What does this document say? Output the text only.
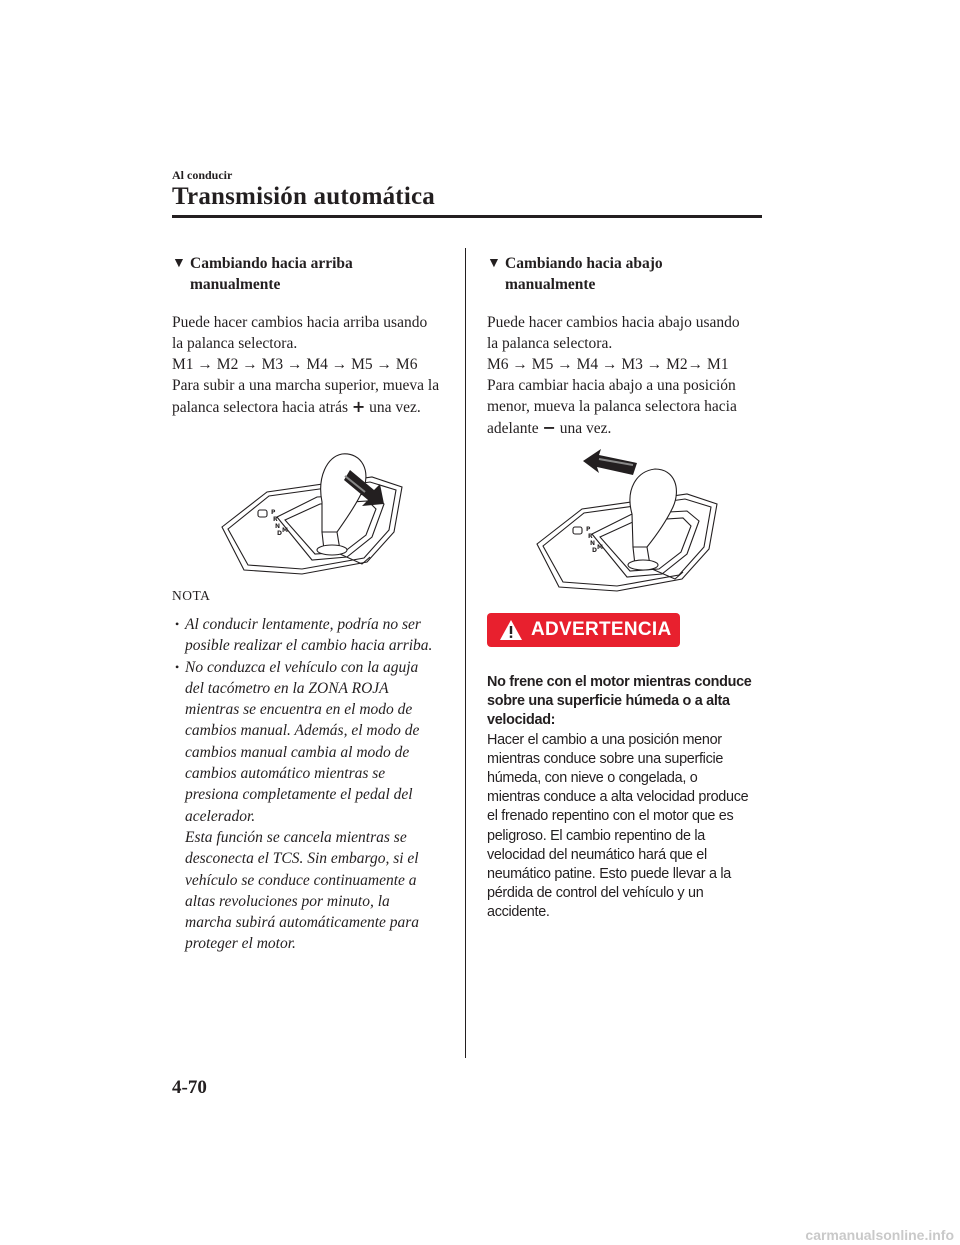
Al conducir
Transmisión automática
▼ Cambiando hacia arriba
manualmente

Puede hacer cambios hacia arriba usando

la palanca selectora.

M1 → M2 → M3 → M4 → M5 → M6

Para subir a una marcha superior, mueva la

palanca selectora hacia atrás + una vez.

P
R
N
D M
NOTA
• Al conducir lentamente, podría no ser
posible realizar el cambio hacia arriba.
• No conduzca el vehículo con la aguja
del tacómetro en la ZONA ROJA
mientras se encuentra en el modo de
cambios manual. Además, el modo de
cambios manual cambia al modo de
cambios automático mientras se
presiona completamente el pedal del
acelerador.
Esta función se cancela mientras se
desconecta el TCS. Sin embargo, si el
vehículo se conduce continuamente a
altas revoluciones por minuto, la
marcha subirá automáticamente para
proteger el motor.
▼ Cambiando hacia abajo
manualmente

Puede hacer cambios hacia abajo usando

la palanca selectora.

M6 → M5 → M4 → M3 → M2→ M1

Para cambiar hacia abajo a una posición

menor, mueva la palanca selectora hacia

adelante − una vez.

P
R
N
D M
ADVERTENCIA
No frene con el motor mientras conduce
sobre una superficie húmeda o a alta
velocidad:
Hacer el cambio a una posición menor
mientras conduce sobre una superficie
húmeda, con nieve o congelada, o
mientras conduce a alta velocidad produce
el frenado repentino con el motor que es
peligroso. El cambio repentino de la
velocidad del neumático hará que el
neumático patine. Esto puede llevar a la
pérdida de control del vehículo y un
accidente.
4-70
carmanualsonline.info
